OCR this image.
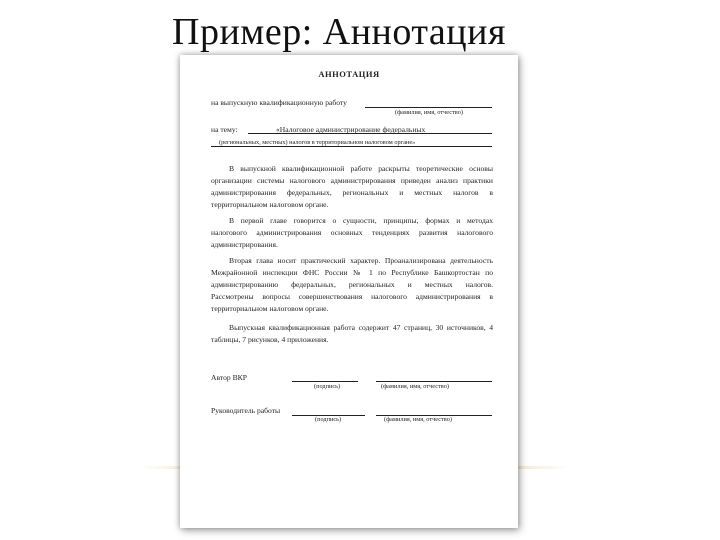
Пример: Аннотация
АННОТАЦИЯ
на выпускную квалификационную работу
(фамилия, имя, отчество)
на тему:	«Налоговое администрирование федеральных
(региональных, местных) налогов в территориальном налоговом органе»
В выпускной квалификационной работе раскрыты теоретические основы
организации системы налогового администрирования приведен анализ практики
администрирования федеральных, региональных и местных налогов в
территориальном налоговом органе.
В первой главе говорится о сущности, принципы, формах и методах
налогового администрирования основных тенденциях развития налогового
администрирования.
Вторая глава носит практический характер. Проанализирована деятельность
Межрайонной инспекции ФНС России № 1 по Республике Башкортостан по
администрированию федеральных, региональных и местных налогов.
Рассмотрены вопросы совершенствования налогового администрирования в
территориальном налоговом органе.
Выпускная квалификационная работа содержит 47 страниц, 30 источников, 4
таблицы, 7 рисунков, 4 приложения.
Автор ВКР
(подпись)	(фамилия, имя, отчество)
Руководитель работы
(подпись)	(фамилия, имя, отчество)
